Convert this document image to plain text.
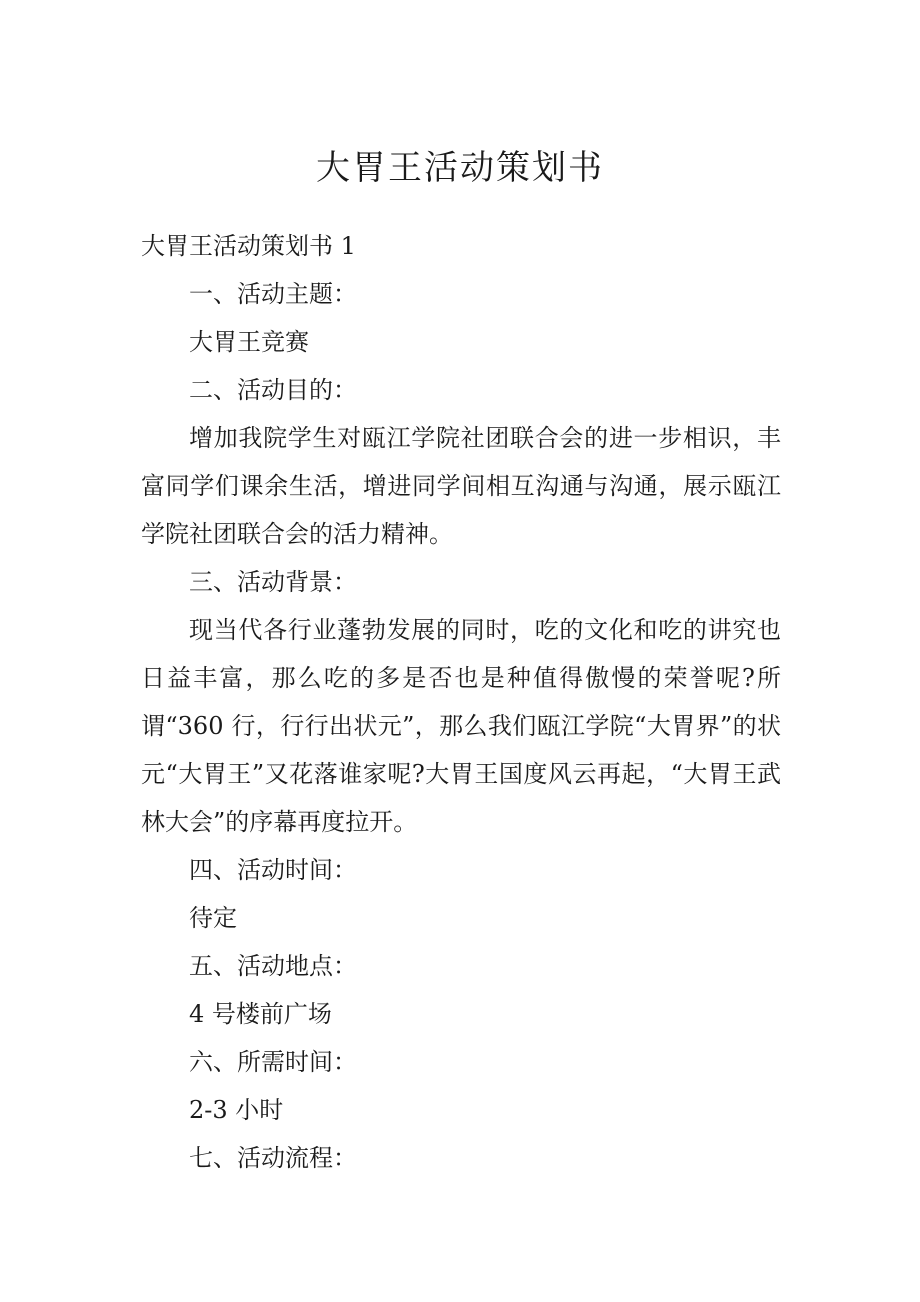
大胃王活动策划书

大胃王活动策划书 1

一、活动主题：

大胃王竞赛

二、活动目的：

增加我院学生对瓯江学院社团联合会的进一步相识，丰富同学们课余生活，增进同学间相互沟通与沟通，展示瓯江学院社团联合会的活力精神。

三、活动背景：

现当代各行业蓬勃发展的同时，吃的文化和吃的讲究也日益丰富，那么吃的多是否也是种值得傲慢的荣誉呢?所谓“360 行，行行出状元”，那么我们瓯江学院“大胃界”的状元“大胃王”又花落谁家呢?大胃王国度风云再起，“大胃王武林大会”的序幕再度拉开。

四、活动时间：

待定

五、活动地点：

4 号楼前广场

六、所需时间：

2-3 小时

七、活动流程：
